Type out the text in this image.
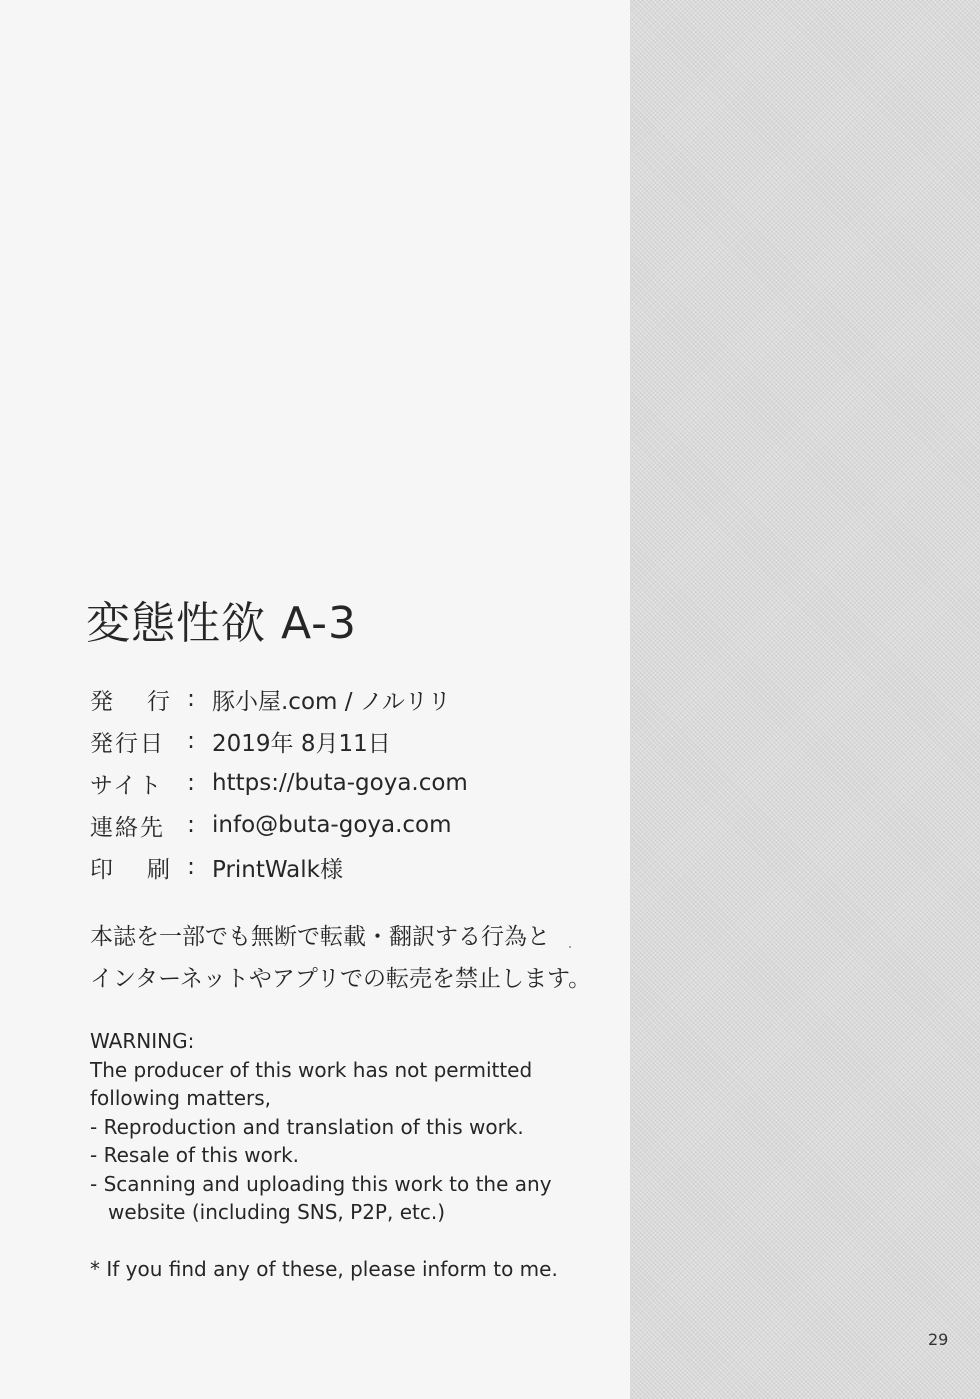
変態性欲 A-3
発 行 : 豚小屋.com / ノルリリ
発行日 : 2019年 8月11日
サイト	: https://buta-goya.com
連絡先 : info@buta-goya.com
印 刷 : PrintWalk様
本誌を一部でも無断で転載・翻訳する行為と
インターネットやアプリでの転売を禁止します。
WARNING:
The producer of this work has not permitted
following matters,
- Reproduction and translation of this work.
- Resale of this work.
- Scanning and uploading this work to the any website (including SNS, P2P, etc.)
* If you find any of these, please inform to me.
29
